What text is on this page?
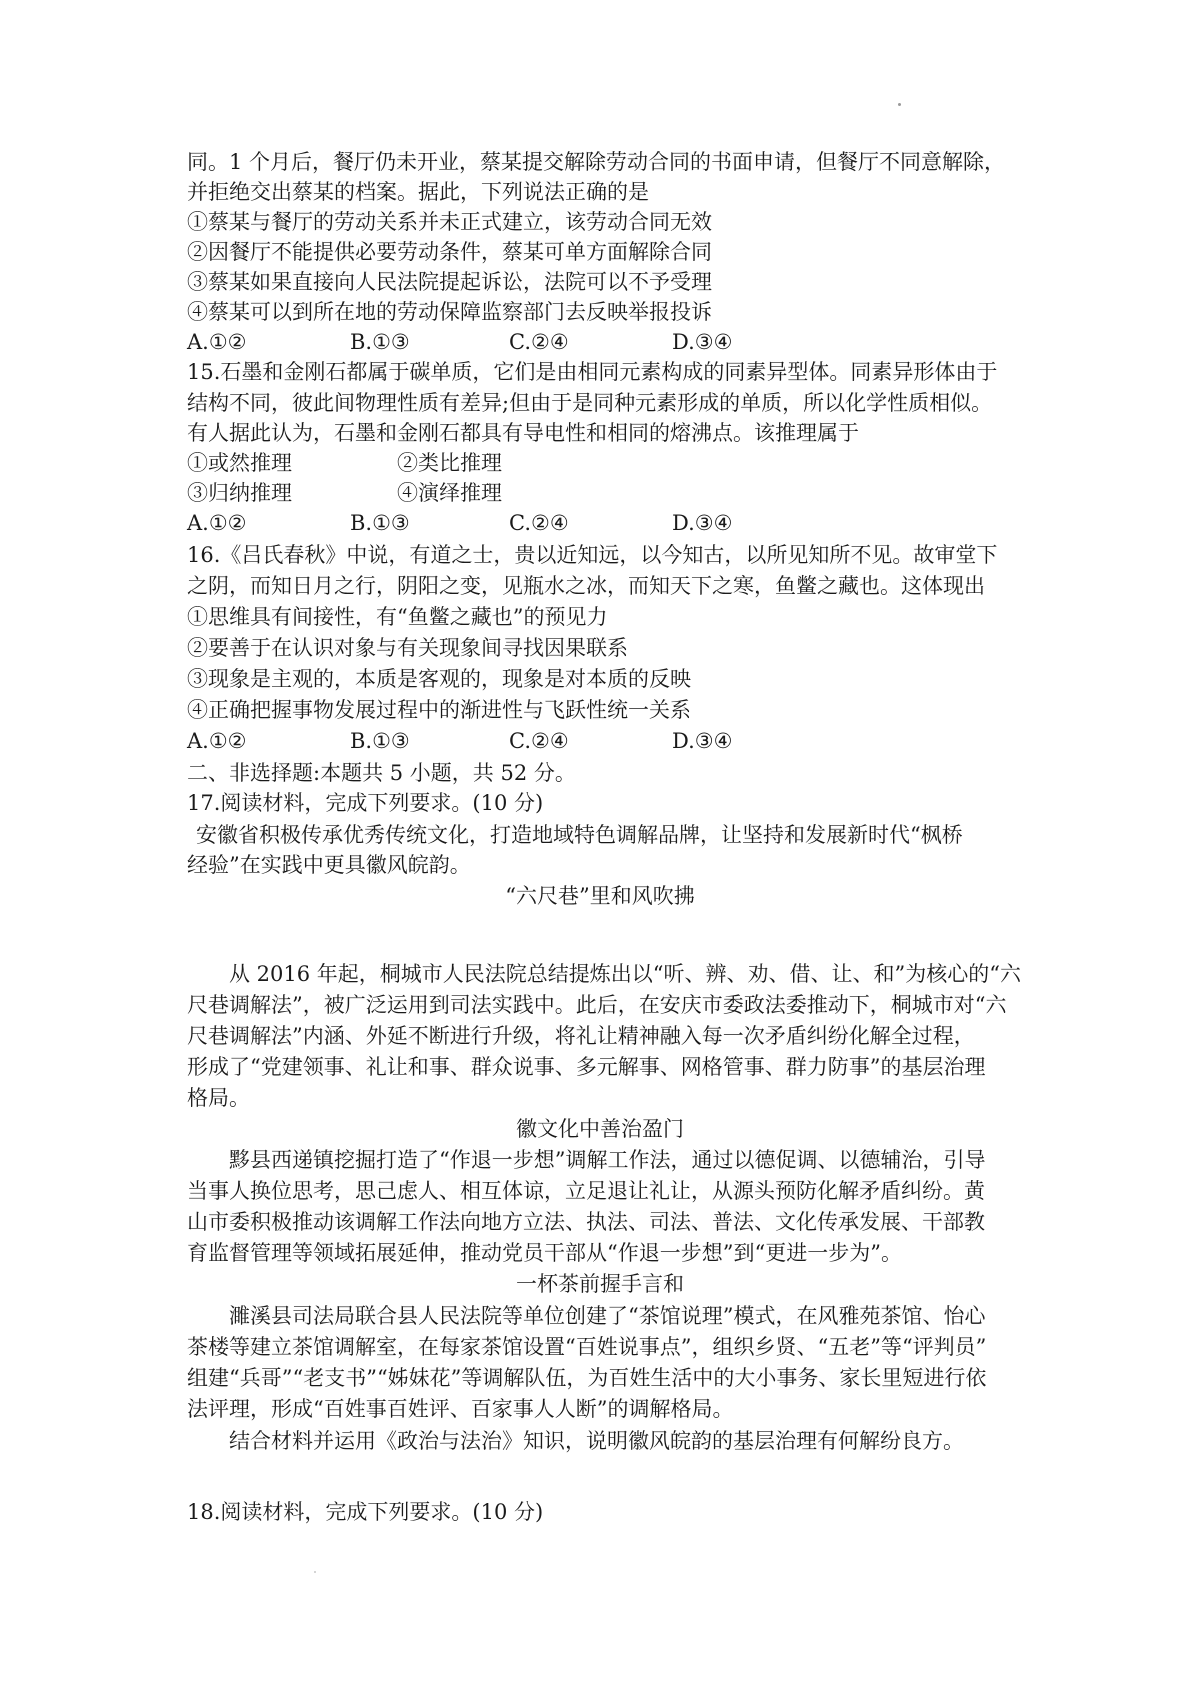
同。1 个月后，餐厅仍未开业，蔡某提交解除劳动合同的书面申请，但餐厅不同意解除，
并拒绝交出蔡某的档案。据此，下列说法正确的是
①蔡某与餐厅的劳动关系并未正式建立，该劳动合同无效
②因餐厅不能提供必要劳动条件，蔡某可单方面解除合同
③蔡某如果直接向人民法院提起诉讼，法院可以不予受理
④蔡某可以到所在地的劳动保障监察部门去反映举报投诉
A.①②	B.①③	C.②④	D.③④
15.石墨和金刚石都属于碳单质，它们是由相同元素构成的同素异型体。同素异形体由于
结构不同，彼此间物理性质有差异;但由于是同种元素形成的单质，所以化学性质相似。
有人据此认为，石墨和金刚石都具有导电性和相同的熔沸点。该推理属于
①或然推理	②类比推理
③归纳推理	④演绎推理
A.①②	B.①③	C.②④	D.③④
16.《吕氏春秋》中说，有道之士，贵以近知远，以今知古，以所见知所不见。故审堂下
之阴，而知日月之行，阴阳之变，见瓶水之冰，而知天下之寒，鱼鳖之藏也。这体现出
①思维具有间接性，有“鱼鳖之藏也”的预见力
②要善于在认识对象与有关现象间寻找因果联系
③现象是主观的，本质是客观的，现象是对本质的反映
④正确把握事物发展过程中的渐进性与飞跃性统一关系
A.①②	B.①③	C.②④	D.③④
二、非选择题:本题共 5 小题，共 52 分。
17.阅读材料，完成下列要求。(10 分)
安徽省积极传承优秀传统文化，打造地域特色调解品牌，让坚持和发展新时代“枫桥
经验”在实践中更具徽风皖韵。
“六尺巷”里和风吹拂
从 2016 年起，桐城市人民法院总结提炼出以“听、辨、劝、借、让、和”为核心的“六
尺巷调解法”，被广泛运用到司法实践中。此后，在安庆市委政法委推动下，桐城市对“六
尺巷调解法”内涵、外延不断进行升级，将礼让精神融入每一次矛盾纠纷化解全过程，
形成了“党建领事、礼让和事、群众说事、多元解事、网格管事、群力防事”的基层治理
格局。
徽文化中善治盈门
黟县西递镇挖掘打造了“作退一步想”调解工作法，通过以德促调、以德辅治，引导
当事人换位思考，思己虑人、相互体谅，立足退让礼让，从源头预防化解矛盾纠纷。黄
山市委积极推动该调解工作法向地方立法、执法、司法、普法、文化传承发展、干部教
育监督管理等领域拓展延伸，推动党员干部从“作退一步想”到“更进一步为”。
一杯茶前握手言和
濉溪县司法局联合县人民法院等单位创建了“茶馆说理”模式，在风雅苑茶馆、怡心
茶楼等建立茶馆调解室，在每家茶馆设置“百姓说事点”，组织乡贤、“五老”等“评判员”
组建“兵哥”“老支书”“姊妹花”等调解队伍，为百姓生活中的大小事务、家长里短进行依
法评理，形成“百姓事百姓评、百家事人人断”的调解格局。
结合材料并运用《政治与法治》知识，说明徽风皖韵的基层治理有何解纷良方。
18.阅读材料，完成下列要求。(10 分)
